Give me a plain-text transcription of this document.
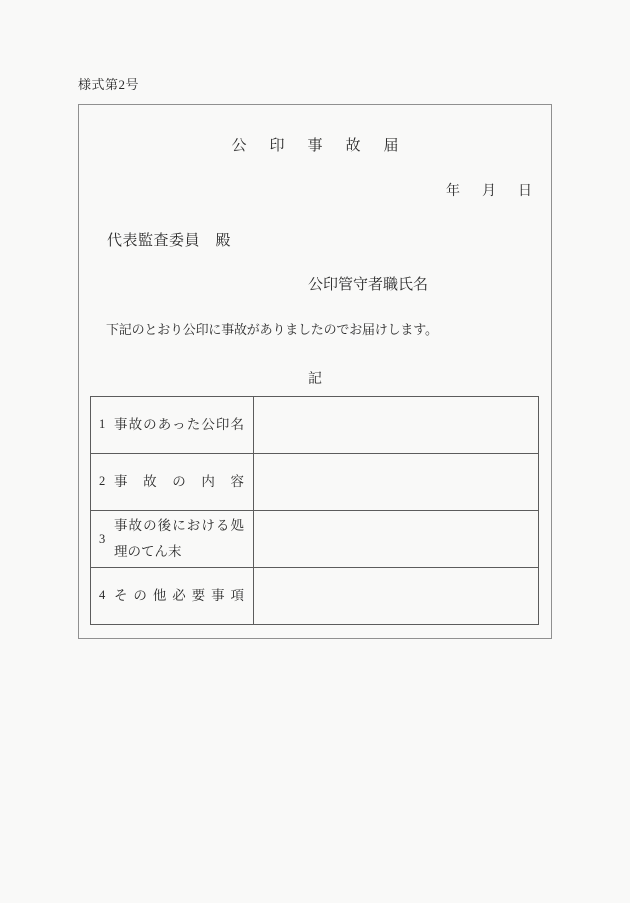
様式第2号
公印事故届
年　月　日
代表監査委員　殿
公印管守者職氏名
下記のとおり公印に事故がありましたのでお届けします。
記
1 事故のあった公印名	

2 事故の内容	

3
事故の後における処理のてん末	

4 その他必要事項	
